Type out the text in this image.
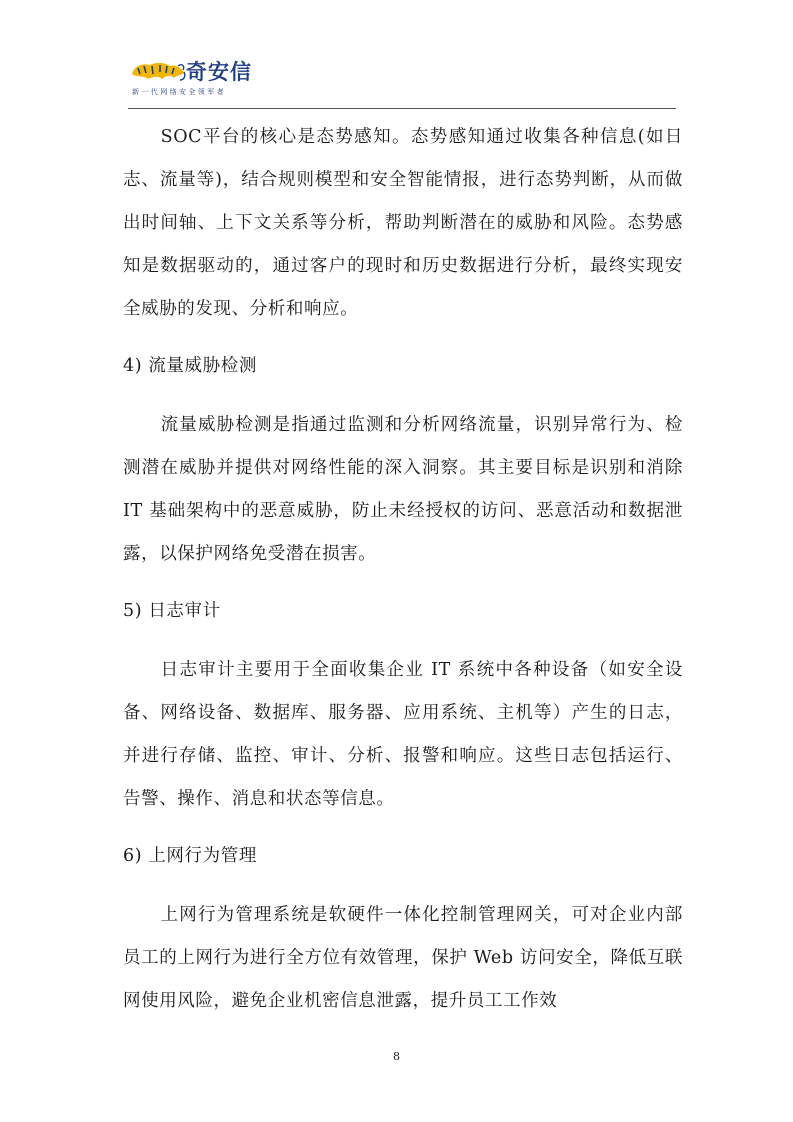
奇安信
新一代网络安全领军者

SOC平台的核心是态势感知。态势感知通过收集各种信息(如日志、流量等)，结合规则模型和安全智能情报，进行态势判断，从而做出时间轴、上下文关系等分析，帮助判断潜在的威胁和风险。态势感知是数据驱动的，通过客户的现时和历史数据进行分析，最终实现安全威胁的发现、分析和响应。

4) 流量威胁检测

流量威胁检测是指通过监测和分析网络流量，识别异常行为、检测潜在威胁并提供对网络性能的深入洞察。其主要目标是识别和消除 IT 基础架构中的恶意威胁，防止未经授权的访问、恶意活动和数据泄露，以保护网络免受潜在损害。

5) 日志审计

日志审计主要用于全面收集企业 IT 系统中各种设备（如安全设备、网络设备、数据库、服务器、应用系统、主机等）产生的日志，并进行存储、监控、审计、分析、报警和响应。这些日志包括运行、告警、操作、消息和状态等信息。

6) 上网行为管理

上网行为管理系统是软硬件一体化控制管理网关，可对企业内部员工的上网行为进行全方位有效管理，保护 Web 访问安全，降低互联网使用风险，避免企业机密信息泄露，提升员工工作效

8
